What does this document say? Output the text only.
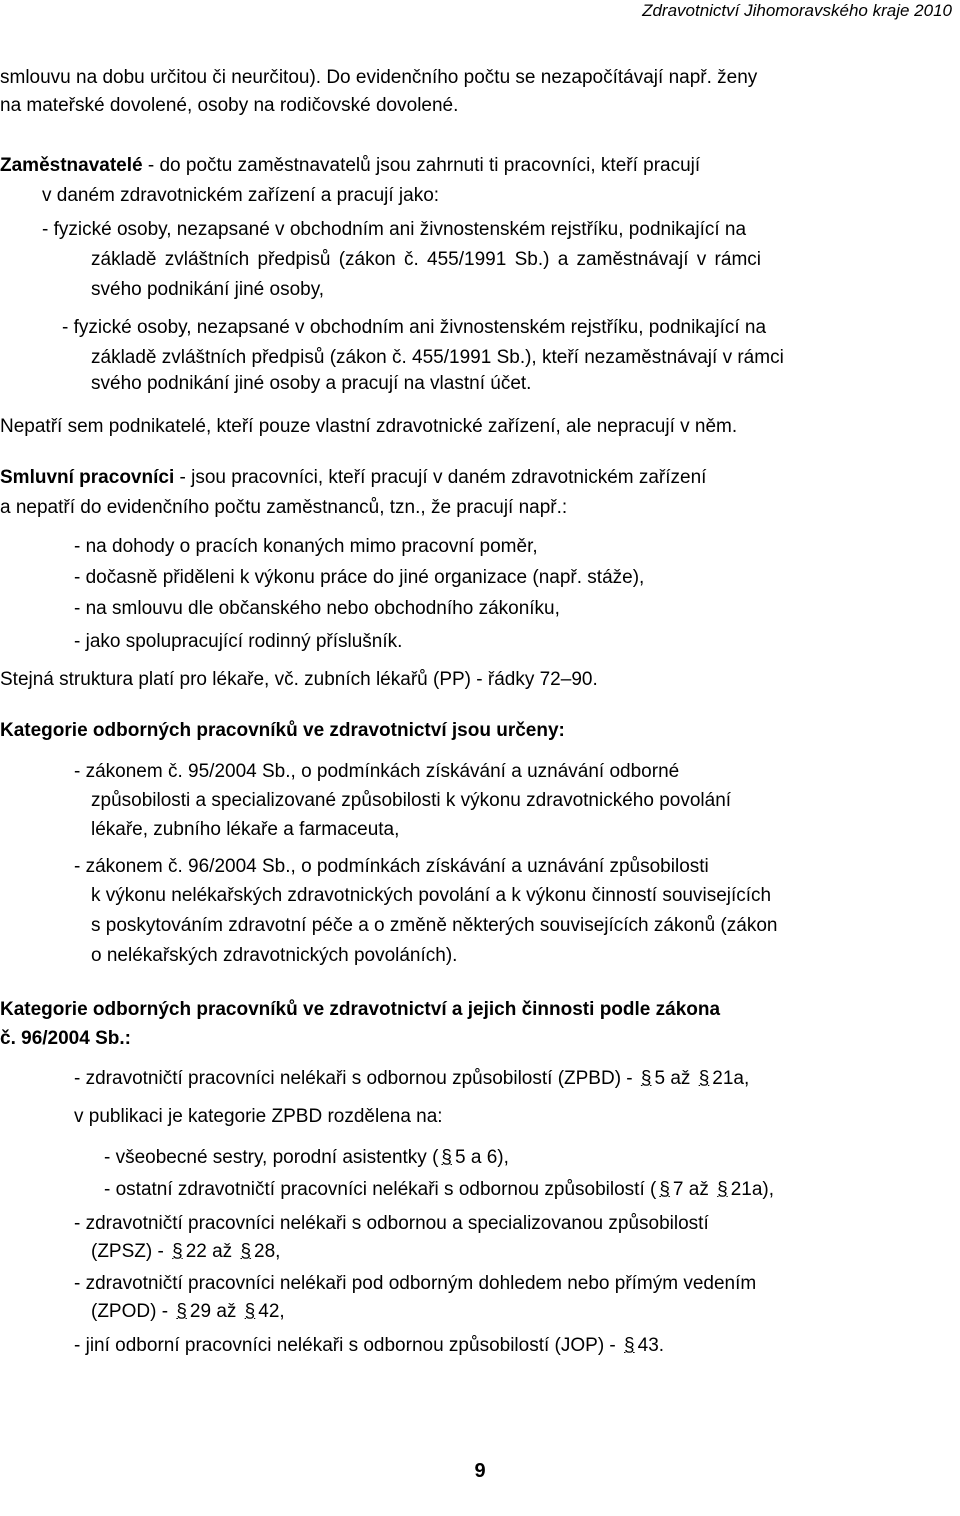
Zdravotnictví Jihomoravského kraje 2010
smlouvu na dobu určitou či neurčitou). Do evidenčního počtu se nezapočítávají např. ženy
na mateřské dovolené, osoby na rodičovské dovolené.
Zaměstnavatelé - do počtu zaměstnavatelů jsou zahrnuti ti pracovníci, kteří pracují
v daném zdravotnickém zařízení a pracují jako:
- fyzické osoby, nezapsané v obchodním ani živnostenském rejstříku, podnikající na
základě zvláštních předpisů (zákon č. 455/1991 Sb.) a zaměstnávají v rámci
svého podnikání jiné osoby,
- fyzické osoby, nezapsané v obchodním ani živnostenském rejstříku, podnikající na
základě zvláštních předpisů (zákon č. 455/1991 Sb.), kteří nezaměstnávají v rámci
svého podnikání jiné osoby a pracují na vlastní účet.
Nepatří sem podnikatelé, kteří pouze vlastní zdravotnické zařízení, ale nepracují v něm.
Smluvní pracovníci - jsou pracovníci, kteří pracují v daném zdravotnickém zařízení
a nepatří do evidenčního počtu zaměstnanců, tzn., že pracují např.:
- na dohody o pracích konaných mimo pracovní poměr,
- dočasně přiděleni k výkonu práce do jiné organizace (např. stáže),
- na smlouvu dle občanského nebo obchodního zákoníku,
- jako spolupracující rodinný příslušník.
Stejná struktura platí pro lékaře, vč. zubních lékařů (PP) - řádky 72–90.
Kategorie odborných pracovníků ve zdravotnictví jsou určeny:
- zákonem č. 95/2004 Sb., o podmínkách získávání a uznávání odborné
způsobilosti a specializované způsobilosti k výkonu zdravotnického povolání
lékaře, zubního lékaře a farmaceuta,
- zákonem č. 96/2004 Sb., o podmínkách získávání a uznávání způsobilosti
k výkonu nelékařských zdravotnických povolání a k výkonu činností souvisejících
s poskytováním zdravotní péče a o změně některých souvisejících zákonů (zákon
o nelékařských zdravotnických povoláních).
Kategorie odborných pracovníků ve zdravotnictví a jejich činnosti podle zákona
č. 96/2004 Sb.:
- zdravotničtí pracovníci nelékaři s odbornou způsobilostí (ZPBD) - § 5 až § 21a,
v publikaci je kategorie ZPBD rozdělena na:
- všeobecné sestry, porodní asistentky ( § 5 a 6),
- ostatní zdravotničtí pracovníci nelékaři s odbornou způsobilostí ( § 7 až § 21a),
- zdravotničtí pracovníci nelékaři s odbornou a specializovanou způsobilostí
(ZPSZ) - § 22 až § 28,
- zdravotničtí pracovníci nelékaři pod odborným dohledem nebo přímým vedením
(ZPOD) - § 29 až § 42,
- jiní odborní pracovníci nelékaři s odbornou způsobilostí (JOP) - § 43.
9
